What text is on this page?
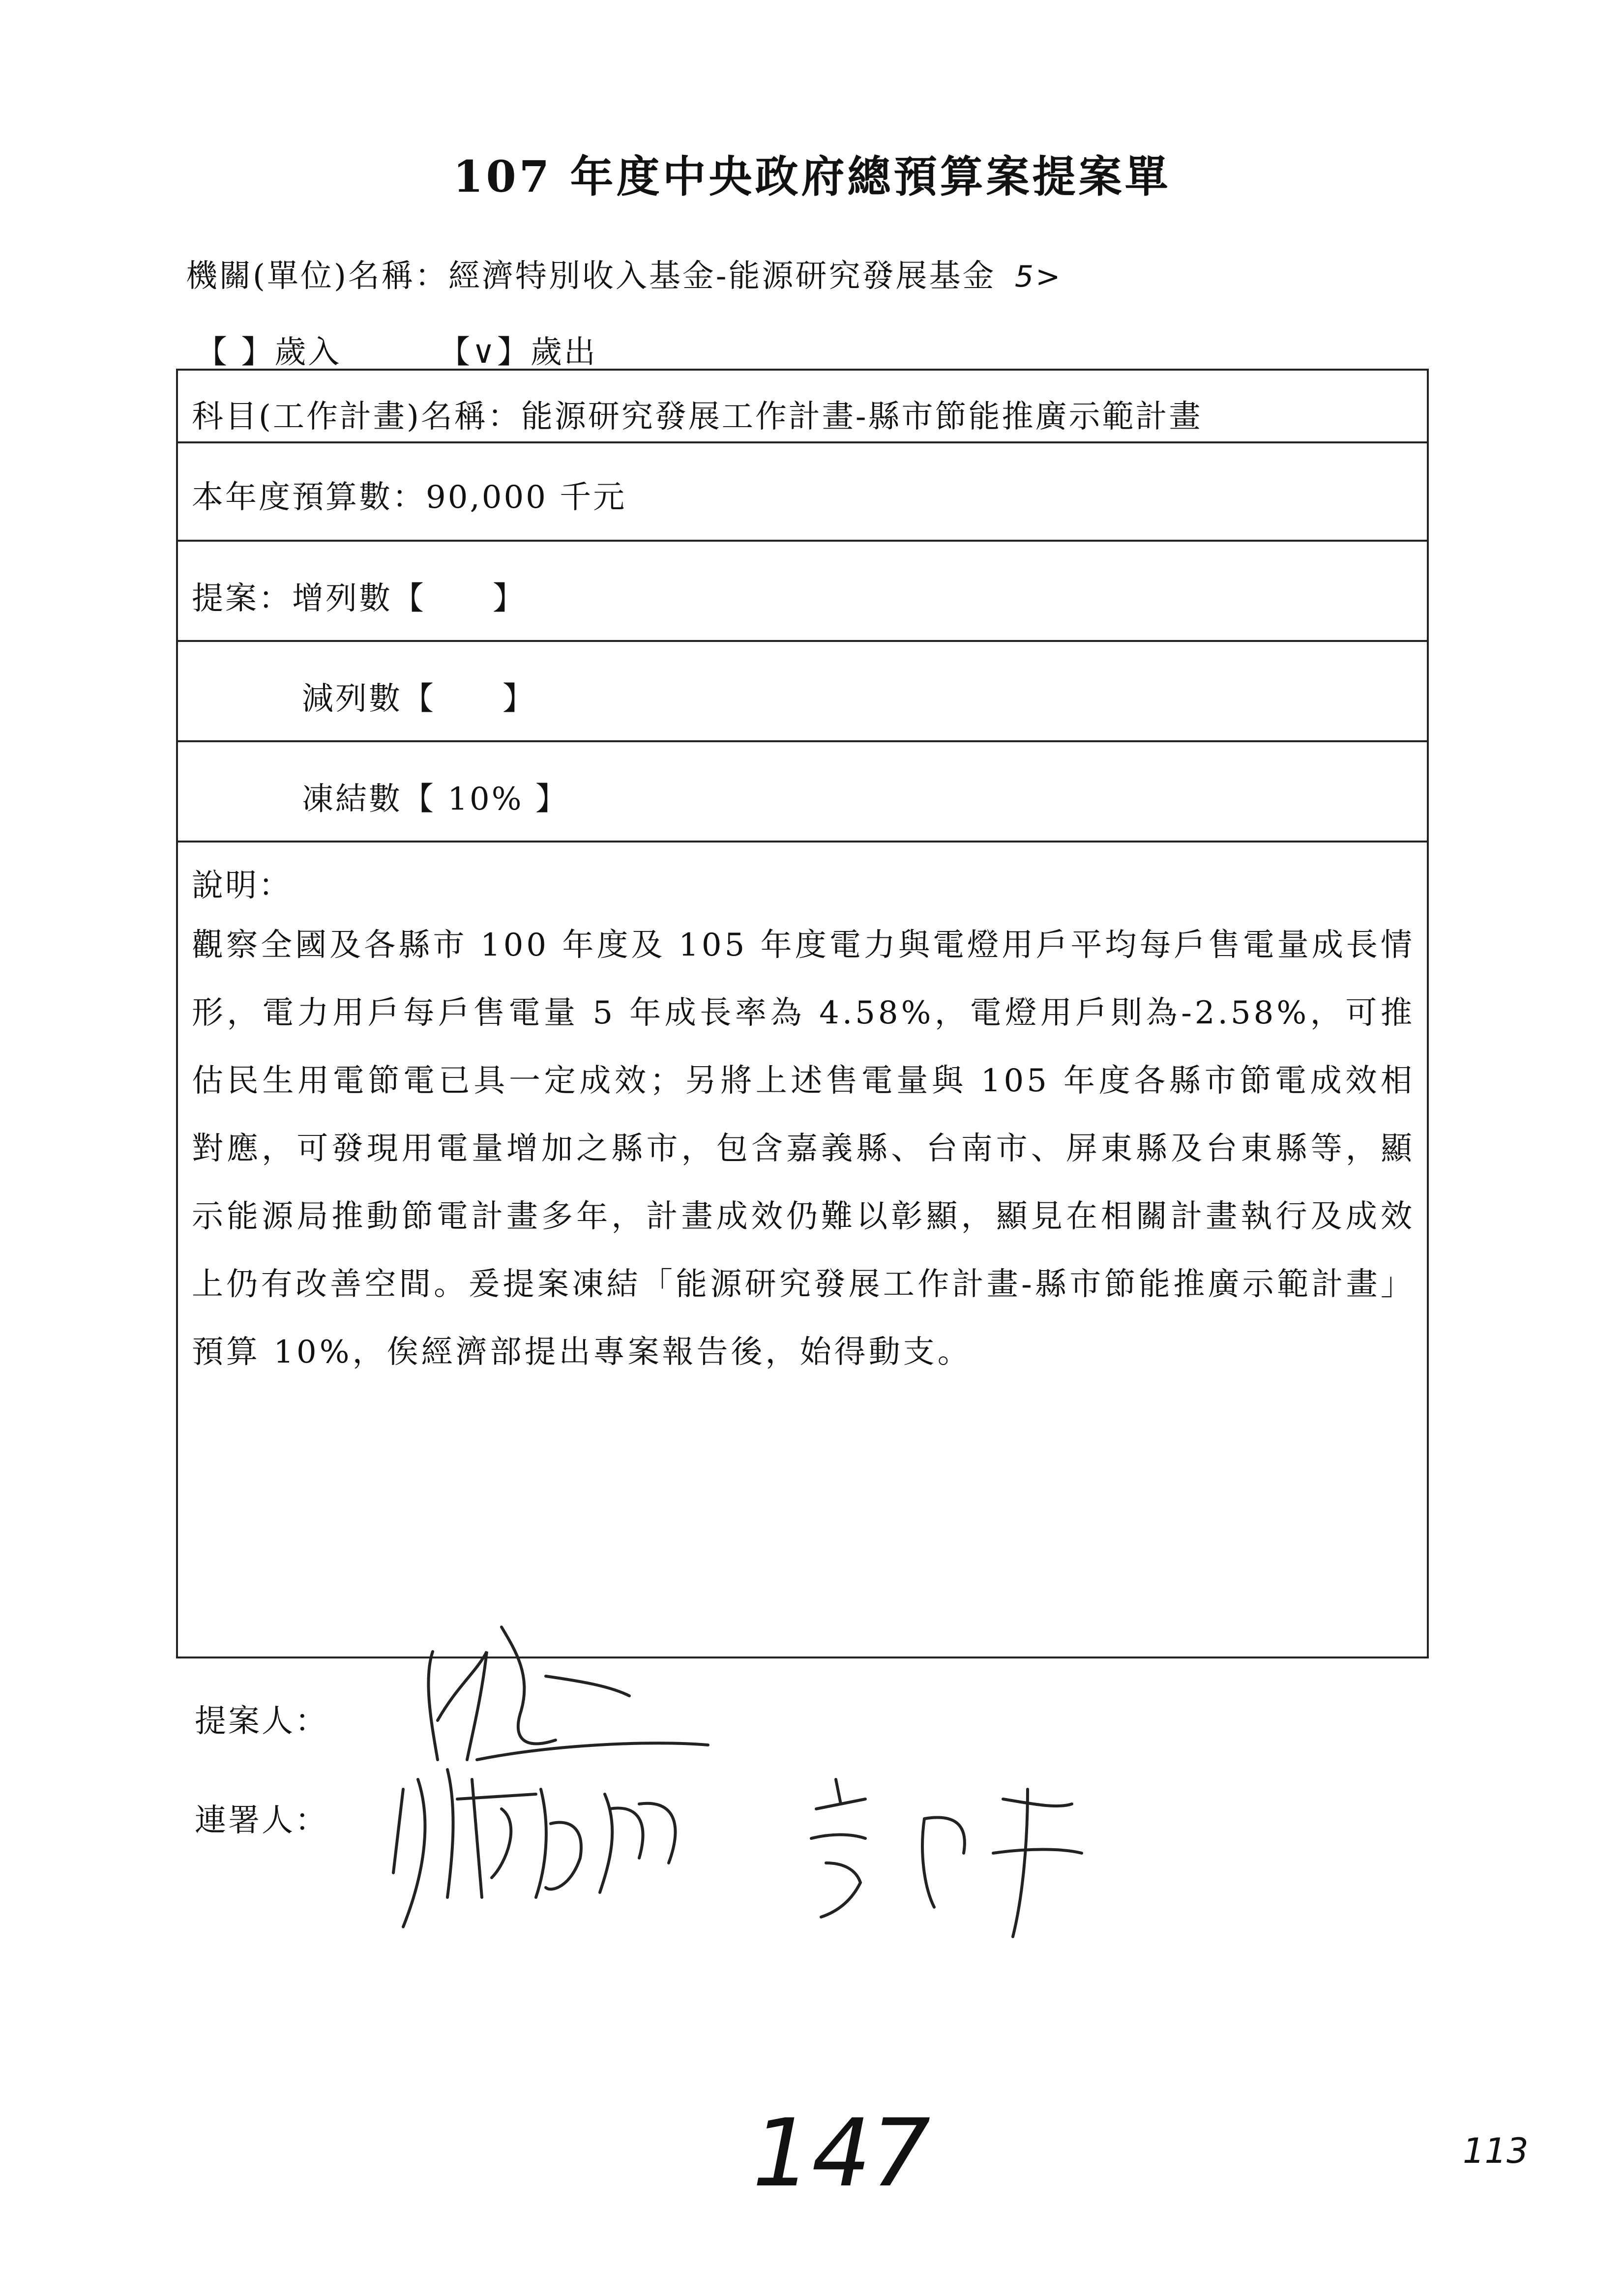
107 年度中央政府總預算案提案單
機關(單位)名稱：經濟特別收入基金-能源研究發展基金 5>
【 】歲入	【∨】歲出
科目(工作計畫)名稱：能源研究發展工作計畫-縣市節能推廣示範計畫
本年度預算數：90,000 千元
提案：增列數【　　】
減列數【　　】
凍結數【 10% 】
說明：
觀察全國及各縣市 100 年度及 105 年度電力與電燈用戶平均每戶售電量成長情形，電力用戶每戶售電量 5 年成長率為 4.58%，電燈用戶則為-2.58%，可推估民生用電節電已具一定成效；另將上述售電量與 105 年度各縣市節電成效相對應，可發現用電量增加之縣市，包含嘉義縣、台南市、屏東縣及台東縣等，顯示能源局推動節電計畫多年，計畫成效仍難以彰顯，顯見在相關計畫執行及成效上仍有改善空間。爰提案凍結「能源研究發展工作計畫-縣市節能推廣示範計畫」預算 10%，俟經濟部提出專案報告後，始得動支。
提案人：
連署人：
147	113
